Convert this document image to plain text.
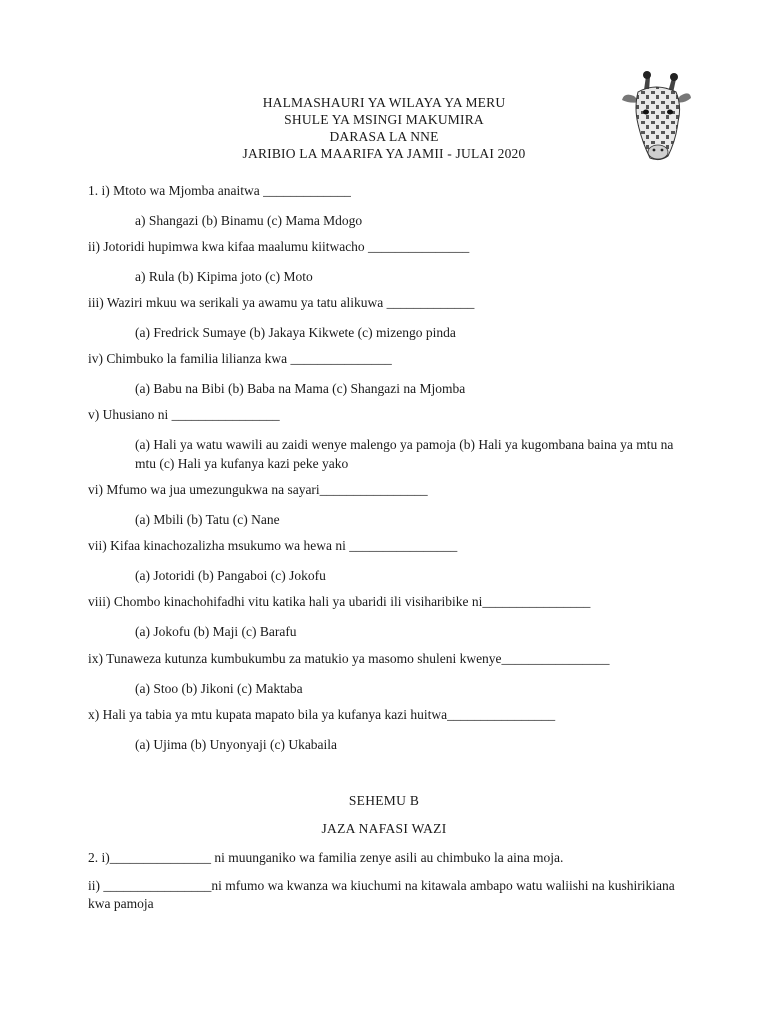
HALMASHAURI YA WILAYA YA MERU
SHULE YA MSINGI MAKUMIRA
DARASA LA NNE
JARIBIO LA MAARIFA YA JAMII - JULAI 2020
1. i) Mtoto wa Mjomba anaitwa _____________
a) Shangazi (b) Binamu (c) Mama Mdogo
ii) Jotoridi hupimwa kwa kifaa maalumu kiitwacho _______________
a) Rula (b) Kipima joto (c) Moto
iii) Waziri mkuu wa serikali ya awamu ya tatu alikuwa _____________
(a) Fredrick Sumaye (b) Jakaya Kikwete (c) mizengo pinda
iv) Chimbuko la familia lilianza kwa _______________
(a) Babu na Bibi (b) Baba na Mama (c) Shangazi na Mjomba
v) Uhusiano ni ________________
(a) Hali ya watu wawili au zaidi wenye malengo ya pamoja (b) Hali ya kugombana baina ya mtu na mtu (c) Hali ya kufanya kazi peke yako
vi) Mfumo wa jua umezungukwa na sayari________________
(a) Mbili (b) Tatu (c) Nane
vii) Kifaa kinachozalizha msukumo wa hewa ni ________________
(a) Jotoridi (b) Pangaboi (c) Jokofu
viii) Chombo kinachohifadhi vitu katika hali ya ubaridi ili visiharibike ni________________
(a) Jokofu (b) Maji (c) Barafu
ix) Tunaweza kutunza kumbukumbu za matukio ya masomo shuleni kwenye________________
(a) Stoo (b) Jikoni (c) Maktaba
x) Hali ya tabia ya mtu kupata mapato bila ya kufanya kazi huitwa________________
(a) Ujima (b) Unyonyaji (c) Ukabaila
SEHEMU B
JAZA NAFASI WAZI
2. i)_______________ ni muunganiko wa familia zenye asili au chimbuko la aina moja.
ii) ________________ni mfumo wa kwanza wa kiuchumi na kitawala ambapo watu waliishi na kushirikiana kwa pamoja
